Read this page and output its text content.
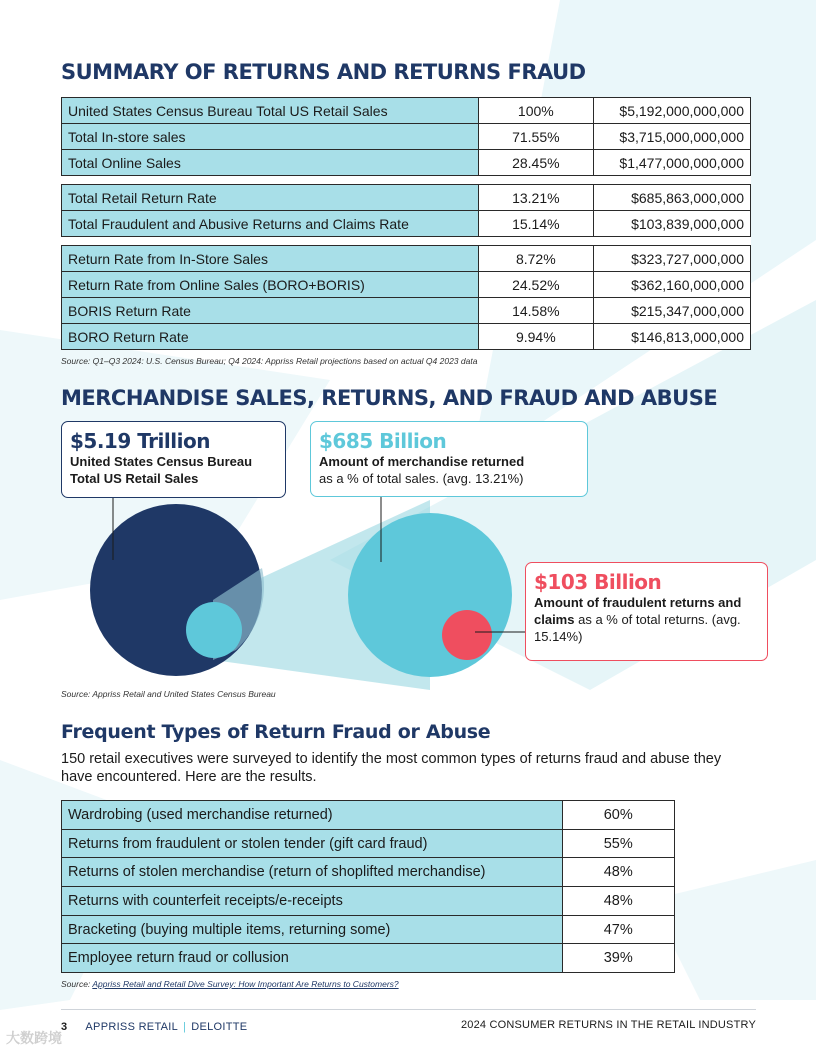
SUMMARY OF RETURNS AND RETURNS FRAUD
United States Census Bureau Total US Retail Sales	100%	$5,192,000,000,000
Total In-store sales	71.55%	$3,715,000,000,000
Total Online Sales	28.45%	$1,477,000,000,000

Total Retail Return Rate	13.21%	$685,863,000,000
Total Fraudulent and Abusive Returns and Claims Rate	15.14%	$103,839,000,000

Return Rate from In-Store Sales	8.72%	$323,727,000,000
Return Rate from Online Sales (BORO+BORIS)	24.52%	$362,160,000,000
BORIS Return Rate	14.58%	$215,347,000,000
BORO Return Rate	9.94%	$146,813,000,000
Source: Q1–Q3 2024: U.S. Census Bureau; Q4 2024: Appriss Retail projections based on actual Q4 2023 data
MERCHANDISE SALES, RETURNS, AND FRAUD AND ABUSE
$5.19 Trillion
United States Census Bureau
Total US Retail Sales
$685 Billion
Amount of merchandise returned
as a % of total sales. (avg. 13.21%)
$103 Billion
Amount of fraudulent returns and claims as a % of total returns. (avg. 15.14%)
Source: Appriss Retail and United States Census Bureau
Frequent Types of Return Fraud or Abuse

150 retail executives were surveyed to identify the most common types of returns fraud and abuse they have encountered. Here are the results.

Wardrobing (used merchandise returned)	60%
Returns from fraudulent or stolen tender (gift card fraud)	55%
Returns of stolen merchandise (return of shoplifted merchandise)	48%
Returns with counterfeit receipts/e-receipts	48%
Bracketing (buying multiple items, returning some)	47%
Employee return fraud or collusion	39%
Source: Appriss Retail and Retail Dive Survey: How Important Are Returns to Customers?
3 APPRISS RETAIL | DELOITTE	2024 CONSUMER RETURNS IN THE RETAIL INDUSTRY
大数跨境
